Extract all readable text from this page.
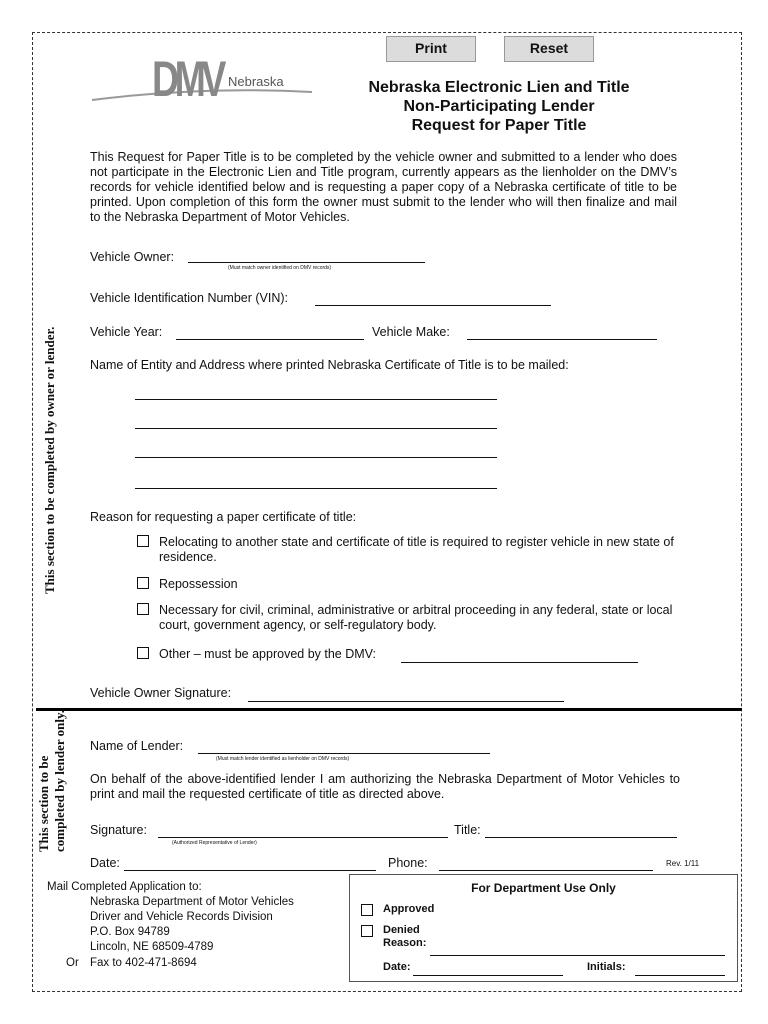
Print	Reset
DMV Nebraska	Nebraska Electronic Lien and Title
Non-Participating Lender
Request for Paper Title
This section to be completed by owner or lender.
This section to be completed by lender only.
This Request for Paper Title is to be completed by the vehicle owner and submitted to a lender who does not participate in the Electronic Lien and Title program, currently appears as the lienholder on the DMV’s records for vehicle identified below and is requesting a paper copy of a Nebraska certificate of title to be printed. Upon completion of this form the owner must submit to the lender who will then finalize and mail to the Nebraska Department of Motor Vehicles.
Vehicle Owner:
(Must match owner identified on DMV records)
Vehicle Identification Number (VIN):
Vehicle Year:	Vehicle Make:
Name of Entity and Address where printed Nebraska Certificate of Title is to be mailed:
Reason for requesting a paper certificate of title:
Relocating to another state and certificate of title is required to register vehicle in new state of residence.
Repossession
Necessary for civil, criminal, administrative or arbitral proceeding in any federal, state or local court, government agency, or self-regulatory body.
Other – must be approved by the DMV:
Vehicle Owner Signature:
Name of Lender:
(Must match lender identified as lienholder on DMV records)
On behalf of the above-identified lender I am authorizing the Nebraska Department of Motor Vehicles to print and mail the requested certificate of title as directed above.
Signature:
(Authorized Representative of Lender)
Title:
Date:	Phone:	Rev. 1/11
Mail Completed Application to:
Nebraska Department of Motor Vehicles
Driver and Vehicle Records Division
P.O. Box 94789
Lincoln, NE 68509-4789
Or Fax to 402-471-8694
For Department Use Only
Approved
Denied
Reason:
Date:	Initials:
